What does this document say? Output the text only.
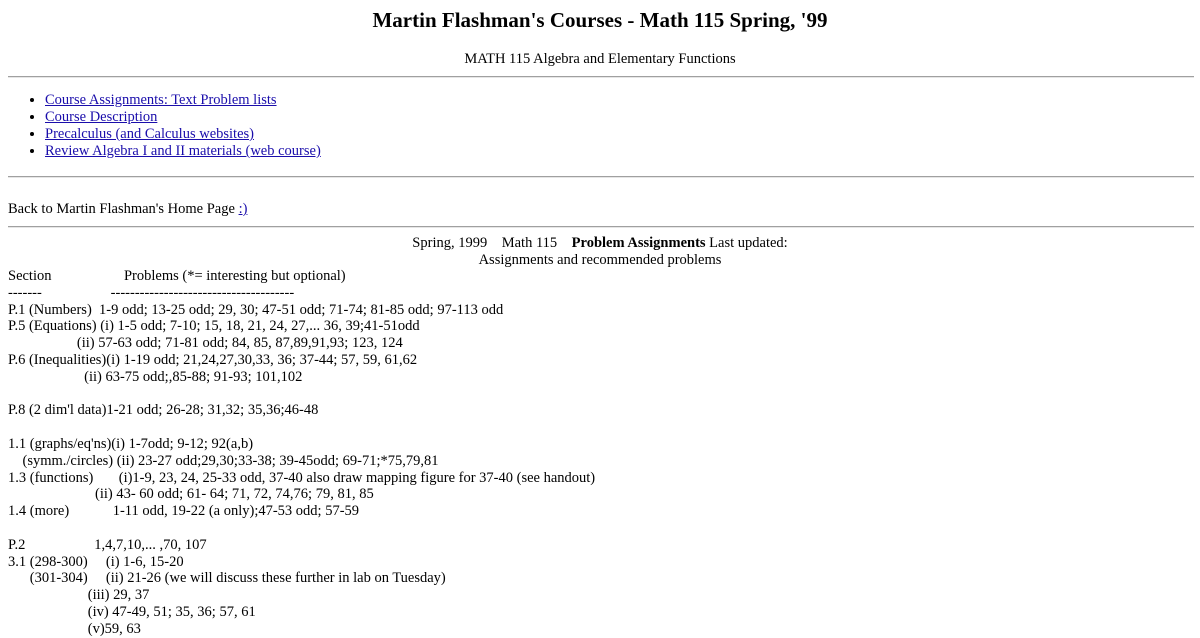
Martin Flashman's Courses - Math 115 Spring, '99
MATH 115 Algebra and Elementary Functions
• Course Assignments: Text Problem lists
• Course Description
• Precalculus (and Calculus websites)
• Review Algebra I and II materials (web course)
Back to Martin Flashman's Home Page :)
Spring, 1999 Math 115 Problem Assignments Last updated:
Assignments and recommended problems
Section                    Problems (*= interesting but optional)
-------                   --------------------------------------
P.1 (Numbers)  1-9 odd; 13-25 odd; 29, 30; 47-51 odd; 71-74; 81-85 odd; 97-113 odd
P.5 (Equations) (i) 1-5 odd; 7-10; 15, 18, 21, 24, 27,... 36, 39;41-51odd
(ii) 57-63 odd; 71-81 odd; 84, 85, 87,89,91,93; 123, 124
P.6 (Inequalities)(i) 1-19 odd; 21,24,27,30,33, 36; 37-44; 57, 59, 61,62
(ii) 63-75 odd;,85-88; 91-93; 101,102

P.8 (2 dim'l data)1-21 odd; 26-28; 31,32; 35,36;46-48

1.1 (graphs/eq'ns)(i) 1-7odd; 9-12; 92(a,b)
(symm./circles) (ii) 23-27 odd;29,30;33-38; 39-45odd; 69-71;*75,79,81
1.3 (functions)       (i)1-9, 23, 24, 25-33 odd, 37-40 also draw mapping figure for 37-40 (see handout)
(ii) 43- 60 odd; 61- 64; 71, 72, 74,76; 79, 81, 85
1.4 (more)            1-11 odd, 19-22 (a only);47-53 odd; 57-59

P.2                   1,4,7,10,... ,70, 107
3.1 (298-300)     (i) 1-6, 15-20
(301-304)     (ii) 21-26 (we will discuss these further in lab on Tuesday)
(iii) 29, 37
(iv) 47-49, 51; 35, 36; 57, 61
(v)59, 63
